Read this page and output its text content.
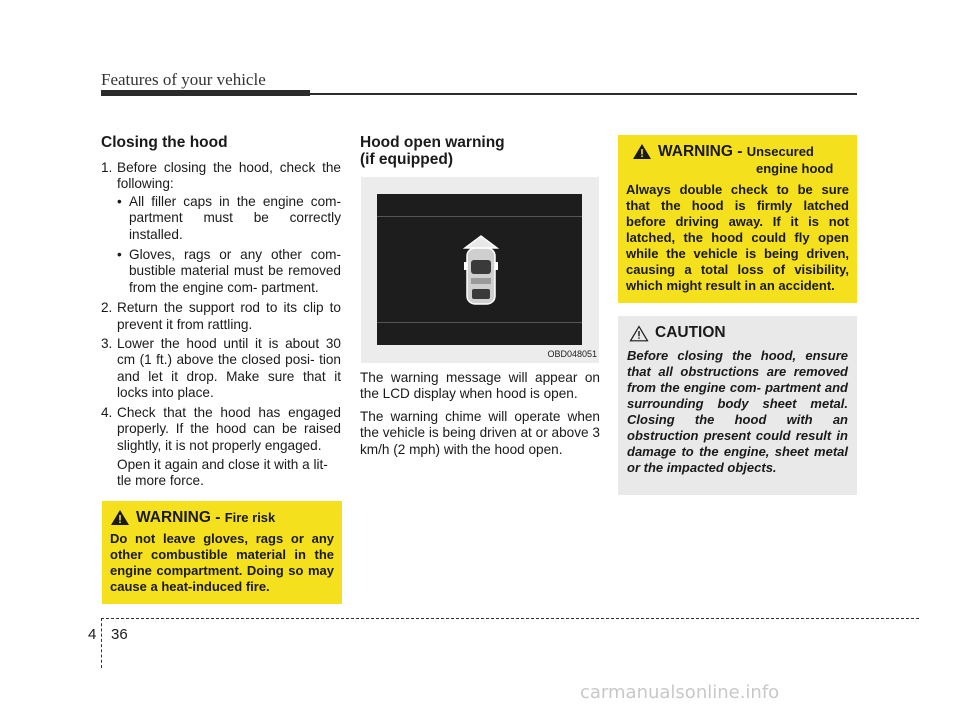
Features of your vehicle
Closing the hood
1. Before closing the hood, check the following:
• All filler caps in the engine com- partment must be correctly installed.
• Gloves, rags or any other com- bustible material must be removed from the engine com- partment.
2. Return the support rod to its clip to prevent it from rattling.
3. Lower the hood until it is about 30 cm (1 ft.) above the closed posi- tion and let it drop. Make sure that it locks into place.
4. Check that the hood has engaged properly. If the hood can be raised slightly, it is not properly engaged.
Open it again and close it with a lit- tle more force.
WARNING - Fire risk
Do not leave gloves, rags or any other combustible material in the engine compartment. Doing so may cause a heat-induced fire.
Hood open warning
(if equipped)
OBD048051

The warning message will appear on the LCD display when hood is open.

The warning chime will operate when the vehicle is being driven at or above 3 km/h (2 mph) with the hood open.

WARNING - Unsecured
engine hood
Always double check to be sure that the hood is firmly latched before driving away. If it is not latched, the hood could fly open while the vehicle is being driven, causing a total loss of visibility, which might result in an accident.
CAUTION
Before closing the hood, ensure that all obstructions are removed from the engine com- partment and surrounding body sheet metal. Closing the hood with an obstruction present could result in damage to the engine, sheet metal or the impacted objects.
4 36
carmanualsonline.info
